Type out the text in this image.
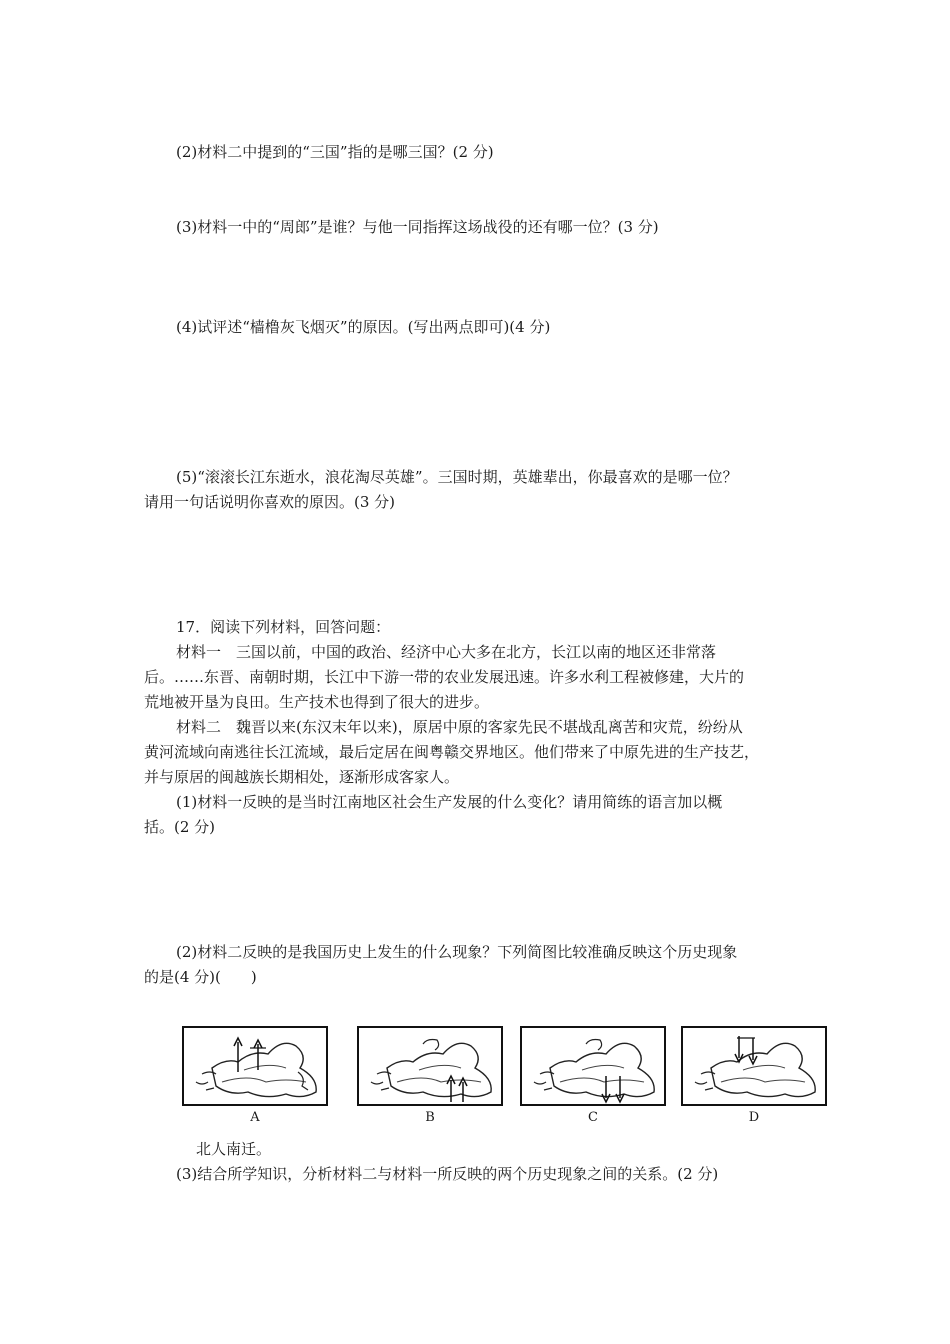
(2)材料二中提到的“三国”指的是哪三国？(2 分)
(3)材料一中的“周郎”是谁？与他一同指挥这场战役的还有哪一位？(3 分)
(4)试评述“樯橹灰飞烟灭”的原因。(写出两点即可)(4 分)
(5)“滚滚长江东逝水，浪花淘尽英雄”。三国时期，英雄辈出，你最喜欢的是哪一位？
请用一句话说明你喜欢的原因。(3 分)
17．阅读下列材料，回答问题：
材料一　三国以前，中国的政治、经济中心大多在北方，长江以南的地区还非常落
后。……东晋、南朝时期，长江中下游一带的农业发展迅速。许多水利工程被修建，大片的
荒地被开垦为良田。生产技术也得到了很大的进步。
材料二　魏晋以来(东汉末年以来)，原居中原的客家先民不堪战乱离苦和灾荒，纷纷从
黄河流域向南逃往长江流域，最后定居在闽粤赣交界地区。他们带来了中原先进的生产技艺，
并与原居的闽越族长期相处，逐渐形成客家人。
(1)材料一反映的是当时江南地区社会生产发展的什么变化？请用简练的语言加以概
括。(2 分)
(2)材料二反映的是我国历史上发生的什么现象？下列简图比较准确反映这个历史现象
的是(4 分)(　　)
A	B	C	D
北人南迁。
(3)结合所学知识，分析材料二与材料一所反映的两个历史现象之间的关系。(2 分)
